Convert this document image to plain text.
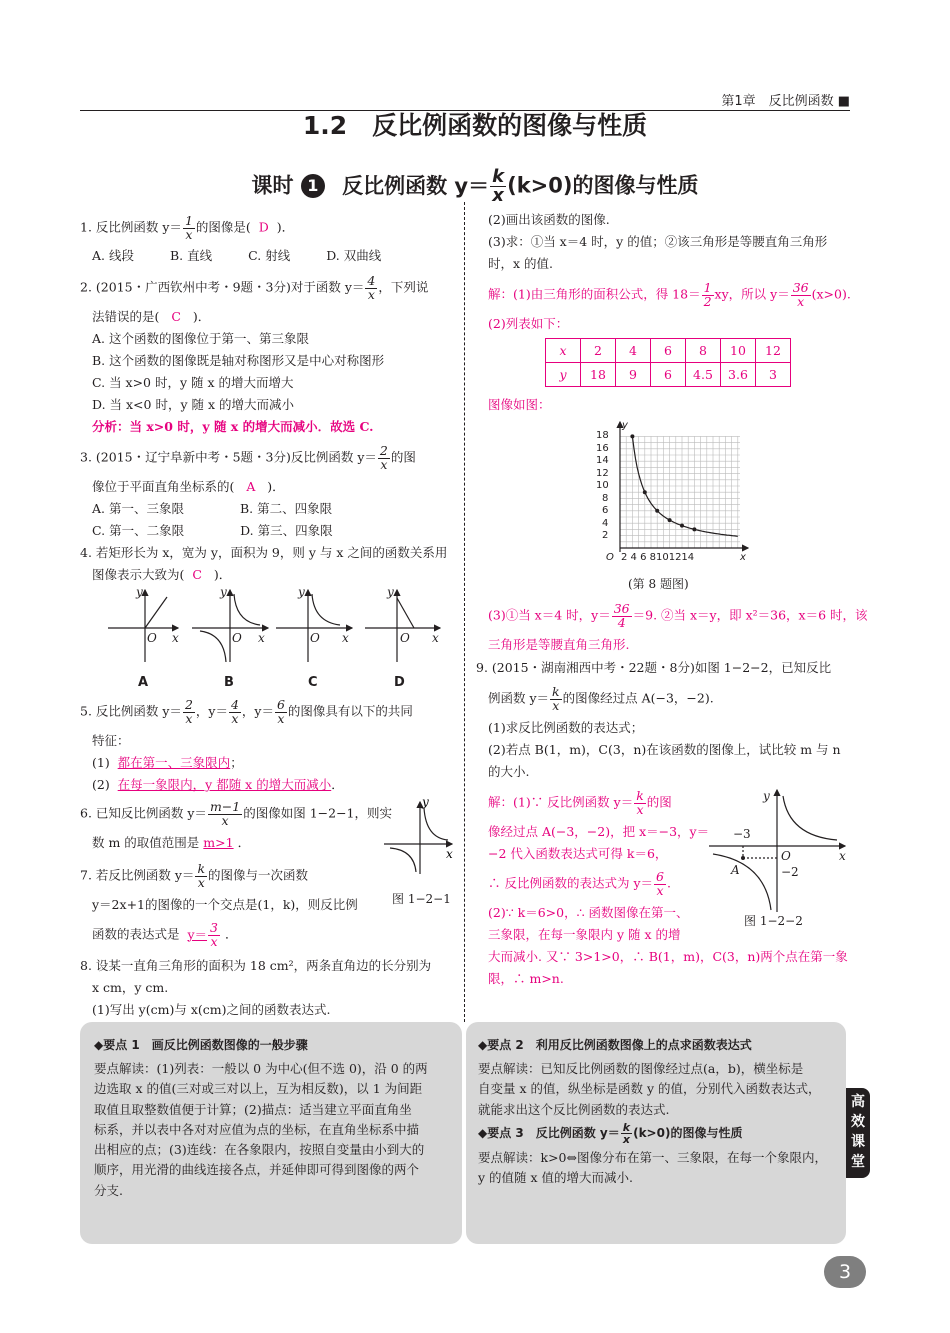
第1章　反比例函数 ■
1.2　反比例函数的图像与性质
课时 1 反比例函数 $y= \frac{k}{x} (k>0)$的图像与性质
1. 反比例函数 $y= \frac{1}{x}$ 的图像是( D )．
A. 线段	B. 直线	C. 射线	D. 双曲线
2. (2015・广西钦州中考・9题・3分)对于函数 $y= \frac{4}{x}$ ，下列说
法错误的是( C )．
A. 这个函数的图像位于第一、第三象限
B. 这个函数的图像既是轴对称图形又是中心对称图形
C. 当 x>0 时，y 随 x 的增大而增大
D. 当 x<0 时，y 随 x 的增大而减小
分析：当 x>0 时，y 随 x 的增大而减小．故选 C.
3. (2015・辽宁阜新中考・5题・3分)反比例函数 $y= \frac{2}{x}$ 的图
像位于平面直角坐标系的( A )．
A. 第一、三象限	B. 第二、四象限
C. 第一、二象限	D. 第三、四象限
4. 若矩形长为 x，宽为 y，面积为 9，则 y 与 x 之间的函数关系用
图像表示大致为( C )．
y
O x
y
O x
y
O x
y
O x
A	B	C	D
5. 反比例函数 $y= \frac{2}{x}$ ，$y= \frac{4}{x}$ ，$y= \frac{6}{x}$ 的图像具有以下的共同
特征：
(1) 都在第一、三象限内；
(2) 在每一象限内，y 都随 x 的增大而减小．
6. 已知反比例函数 $y= \frac{m-1}{x}$ 的图像如图 1−2−1，则实
数 m 的取值范围是 m>1 ．
y
x
图 1−2−1
7. 若反比例函数 $y= \frac{k}{x}$ 的图像与一次函数
y＝2x+1的图像的一个交点是(1，k)，则反比例
函数的表达式是 $y= \frac{3}{x}$ ．
8. 设某一直角三角形的面积为 18 cm²，两条直角边的长分别为
x cm，y cm.
(1)写出 y(cm)与 x(cm)之间的函数表达式.
(2)画出该函数的图像.
(3)求：①当 x＝4 时，y 的值；②该三角形是等腰直角三角形
时，x 的值.
解：(1)由三角形的面积公式，得 $18= \frac{1}{2}$ xy，所以 $y= \frac{36}{x} (x>0)$.
(2)列表如下：
x	2	4	6	8	10	12
y	18	9	6	4.5	3.6	3
图像如图：
18
16
14
12
10
8
6
4
2
O 2 4 6 8101214
y
x
(第 8 题图)
(3)①当 x＝4 时，$y= \frac{36}{4} =9$. ②当 x＝y，即 x²＝36，x＝6 时，该
三角形是等腰直角三角形.
9. (2015・湖南湘西中考・22题・8分)如图 1−2−2，已知反比
例函数 $y= \frac{k}{x}$ 的图像经过点 A(−3，−2).
(1)求反比例函数的表达式；
(2)若点 B(1，m)，C(3，n)在该函数的图像上，试比较 m 与 n
的大小.
解：(1)∵ 反比例函数 $y= \frac{k}{x}$ 的图
像经过点 A(−3，−2)，把 x＝−3，y＝
−2 代入函数表达式可得 k＝6，
∴ 反比例函数的表达式为 $y= \frac{6}{x}$ .
(2)∵ k＝6>0，∴ 函数图像在第一、
三象限，在每一象限内 y 随 x 的增
大而减小. 又∵ 3>1>0，∴ B(1，m)，C(3，n)两个点在第一象
限，∴ m>n.
y
x
O
−3
−2
A
图 1−2−2
◆要点 1　画反比例函数图像的一般步骤
要点解读：(1)列表：一般以 0 为中心(但不选 0)，沿 0 的两
边选取 x 的值(三对或三对以上，互为相反数)，以 1 为间距
取值且取整数值便于计算；(2)描点：适当建立平面直角坐
标系，并以表中各对对应值为点的坐标，在直角坐标系中描
出相应的点；(3)连线：在各象限内，按照自变量由小到大的
顺序，用光滑的曲线连接各点，并延伸即可得到图像的两个
分支.
◆要点 2　利用反比例函数图像上的点求函数表达式
要点解读：已知反比例函数的图像经过点(a，b)，横坐标是
自变量 x 的值，纵坐标是函数 y 的值，分别代入函数表达式，
就能求出这个反比例函数的表达式.
◆要点 3　反比例函数 $y= \frac{k}{x} (k>0)$的图像与性质
要点解读：k>0⇔图像分布在第一、三象限，在每一个象限内，
y 的值随 x 值的增大而减小.
高效课堂
3
